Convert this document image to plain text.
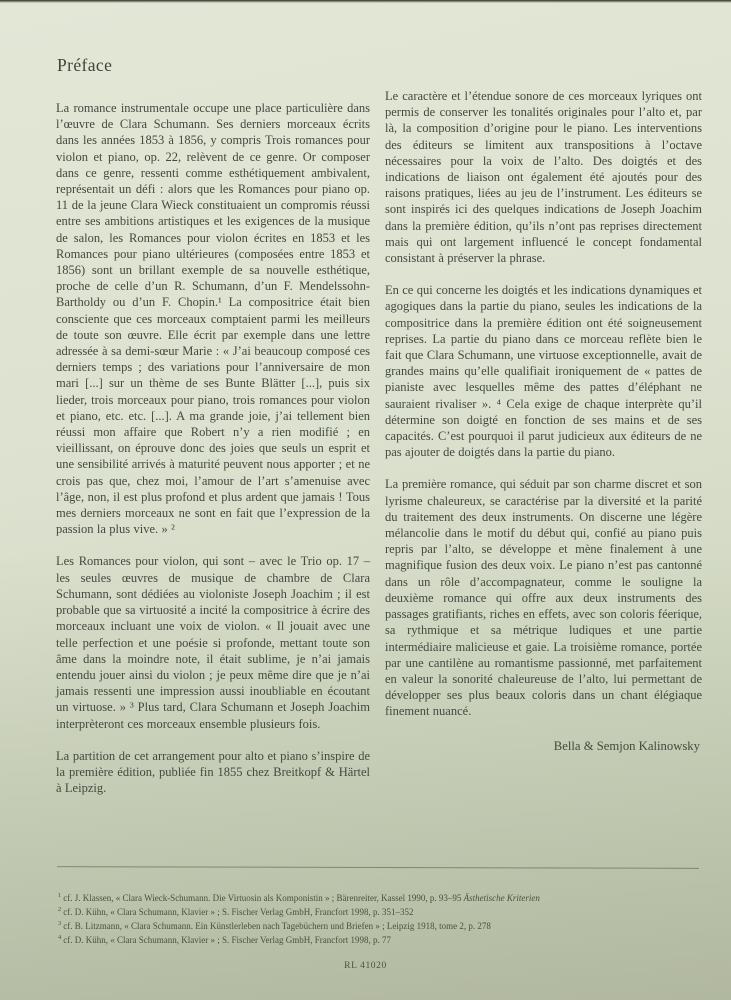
Préface

La romance instrumentale occupe une place particulière dans l’œuvre de Clara Schumann. Ses derniers morceaux écrits dans les années 1853 à 1856, y compris Trois romances pour violon et piano, op. 22, relèvent de ce genre. Or composer dans ce genre, ressenti comme esthétiquement ambivalent, représentait un défi : alors que les Romances pour piano op. 11 de la jeune Clara Wieck constituaient un compromis réussi entre ses ambitions artistiques et les exigences de la musique de salon, les Romances pour violon écrites en 1853 et les Romances pour piano ultérieures (composées entre 1853 et 1856) sont un brillant exemple de sa nouvelle esthétique, proche de celle d’un R. Schumann, d’un F. Mendelssohn-Bartholdy ou d’un F. Chopin.¹ La compositrice était bien consciente que ces morceaux comptaient parmi les meilleurs de toute son œuvre. Elle écrit par exemple dans une lettre adressée à sa demi-sœur Marie : « J’ai beaucoup composé ces derniers temps ; des variations pour l’anniversaire de mon mari [...] sur un thème de ses Bunte Blätter [...], puis six lieder, trois morceaux pour piano, trois romances pour violon et piano, etc. etc. [...]. A ma grande joie, j’ai tellement bien réussi mon affaire que Robert n’y a rien modifié ; en vieillissant, on éprouve donc des joies que seuls un esprit et une sensibilité arrivés à maturité peuvent nous apporter ; et ne crois pas que, chez moi, l’amour de l’art s’amenuise avec l’âge, non, il est plus profond et plus ardent que jamais ! Tous mes derniers morceaux ne sont en fait que l’expression de la passion la plus vive. » ²

Les Romances pour violon, qui sont – avec le Trio op. 17 – les seules œuvres de musique de chambre de Clara Schumann, sont dédiées au violoniste Joseph Joachim ; il est probable que sa virtuosité a incité la compositrice à écrire des morceaux incluant une voix de violon. « Il jouait avec une telle perfection et une poésie si profonde, mettant toute son âme dans la moindre note, il était sublime, je n’ai jamais entendu jouer ainsi du violon ; je peux même dire que je n’ai jamais ressenti une impression aussi inoubliable en écoutant un virtuose. » ³ Plus tard, Clara Schumann et Joseph Joachim interprèteront ces morceaux ensemble plusieurs fois.

La partition de cet arrangement pour alto et piano s’inspire de la première édition, publiée fin 1855 chez Breitkopf & Härtel à Leipzig.

Le caractère et l’étendue sonore de ces morceaux lyriques ont permis de conserver les tonalités originales pour l’alto et, par là, la composition d’origine pour le piano. Les interventions des éditeurs se limitent aux transpositions à l’octave nécessaires pour la voix de l’alto. Des doigtés et des indications de liaison ont également été ajoutés pour des raisons pratiques, liées au jeu de l’instrument. Les éditeurs se sont inspirés ici des quelques indications de Joseph Joachim dans la première édition, qu’ils n’ont pas reprises directement mais qui ont largement influencé le concept fondamental consistant à préserver la phrase.

En ce qui concerne les doigtés et les indications dynamiques et agogiques dans la partie du piano, seules les indications de la compositrice dans la première édition ont été soigneusement reprises. La partie du piano dans ce morceau reflète bien le fait que Clara Schumann, une virtuose exceptionnelle, avait de grandes mains qu’elle qualifiait ironiquement de « pattes de pianiste avec lesquelles même des pattes d’éléphant ne sauraient rivaliser ». ⁴ Cela exige de chaque interprète qu’il détermine son doigté en fonction de ses mains et de ses capacités. C’est pourquoi il parut judicieux aux éditeurs de ne pas ajouter de doigtés dans la partie du piano.

La première romance, qui séduit par son charme discret et son lyrisme chaleureux, se caractérise par la diversité et la parité du traitement des deux instruments. On discerne une légère mélancolie dans le motif du début qui, confié au piano puis repris par l’alto, se développe et mène finalement à une magnifique fusion des deux voix. Le piano n’est pas cantonné dans un rôle d’accompagnateur, comme le souligne la deuxième romance qui offre aux deux instruments des passages gratifiants, riches en effets, avec son coloris féerique, sa rythmique et sa métrique ludiques et une partie intermédiaire malicieuse et gaie. La troisième romance, portée par une cantilène au romantisme passionné, met parfaitement en valeur la sonorité chaleureuse de l’alto, lui permettant de développer ses plus beaux coloris dans un chant élégiaque finement nuancé.

Bella & Semjon Kalinowsky
$^1$ cf. J. Klassen, « Clara Wieck-Schumann. Die Virtuosin als Komponistin » ; Bärenreiter, Kassel 1990, p. 93–95 Ästhetische Kriterien
$^2$ cf. D. Kühn, « Clara Schumann, Klavier » ; S. Fischer Verlag GmbH, Francfort 1998, p. 351–352
$^3$ cf. B. Litzmann, « Clara Schumann. Ein Künstlerleben nach Tagebüchern und Briefen » ; Leipzig 1918, tome 2, p. 278
$^4$ cf. D. Kühn, « Clara Schumann, Klavier » ; S. Fischer Verlag GmbH, Francfort 1998, p. 77
RL 41020
